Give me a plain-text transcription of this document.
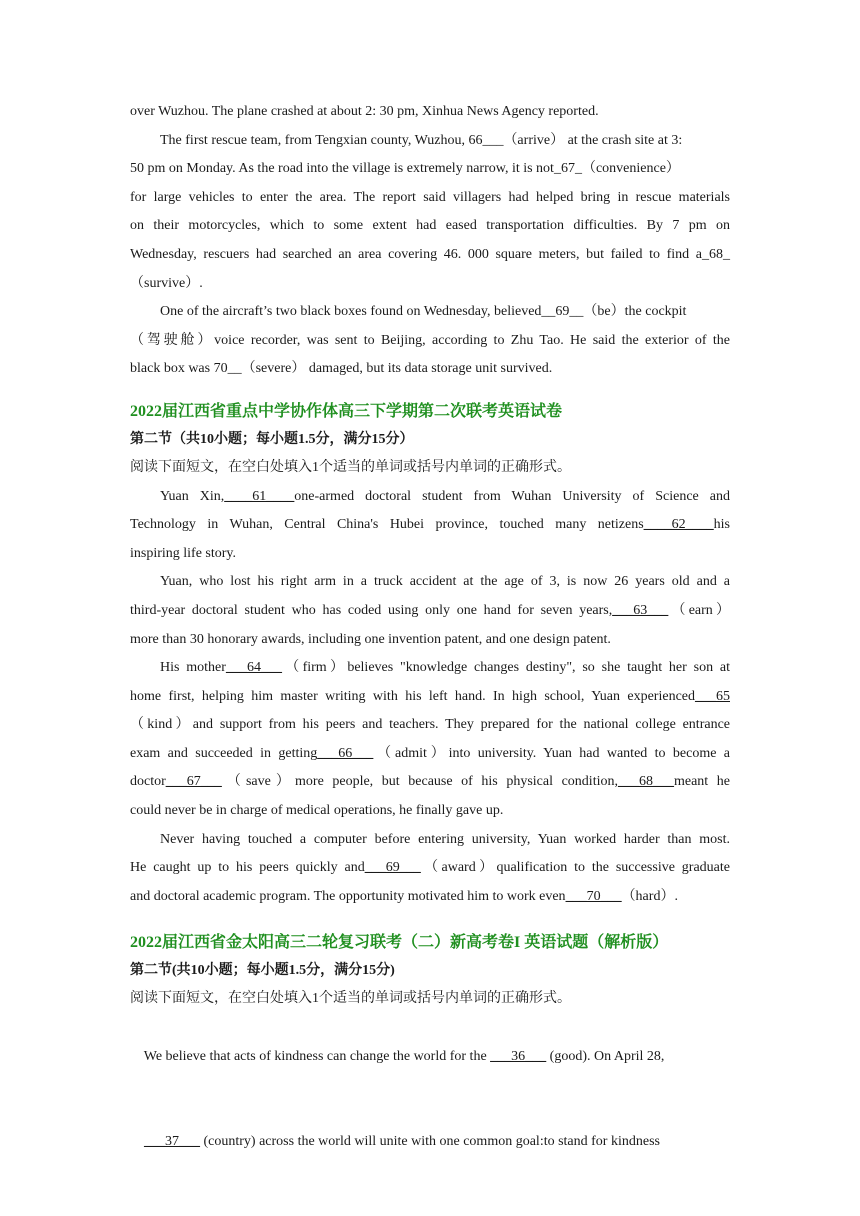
over Wuzhou. The plane crashed at about 2: 30 pm, Xinhua News Agency reported.
The first rescue team, from Tengxian county, Wuzhou, 66___（arrive） at the crash site at 3:
50 pm on Monday. As the road into the village is extremely narrow, it is not_67_（convenience）
for large vehicles to enter the area. The report said villagers had helped bring in rescue materials
on their motorcycles, which to some extent had eased transportation difficulties. By 7 pm on
Wednesday, rescuers had searched an area covering 46. 000 square meters, but failed to find a_68_
（survive）.
One of the aircraft’s two black boxes found on Wednesday, believed__69__（be）the cockpit
（驾驶舱）voice recorder, was sent to Beijing, according to Zhu Tao. He said the exterior of the
black box was 70__（severe） damaged, but its data storage unit survived.
2022届江西省重点中学协作体高三下学期第二次联考英语试卷
第二节（共10小题；每小题1.5分，满分15分）
阅读下面短文，在空白处填入1个适当的单词或括号内单词的正确形式。
Yuan Xin,____61____one-armed doctoral student from Wuhan University of Science and
Technology in Wuhan, Central China's Hubei province, touched many netizens____62____his
inspiring life story.
Yuan, who lost his right arm in a truck accident at the age of 3, is now 26 years old and a
third-year doctoral student who has coded using only one hand for seven years,___63___（earn）
more than 30 honorary awards, including one invention patent, and one design patent.
His mother___64___（firm）believes "knowledge changes destiny", so she taught her son at
home first, helping him master writing with his left hand. In high school, Yuan experienced___65
（kind）and support from his peers and teachers. They prepared for the national college entrance
exam and succeeded in getting___66___（admit）into university. Yuan had wanted to become a
doctor___67___（save）more people, but because of his physical condition,___68___meant he
could never be in charge of medical operations, he finally gave up.
Never having touched a computer before entering university, Yuan worked harder than most.
He caught up to his peers quickly and___69___（award）qualification to the successive graduate
and doctoral academic program. The opportunity motivated him to work even___70___（hard）.
2022届江西省金太阳高三二轮复习联考（二）新高考卷I 英语试题（解析版）
第二节(共10小题；每小题1.5分，满分15分)
阅读下面短文，在空白处填入1个适当的单词或括号内单词的正确形式。

We believe that acts of kindness can change the world for the ___36___ (good). On April 28,

___37___ (country) across the world will unite with one common goal:to stand for kindness
